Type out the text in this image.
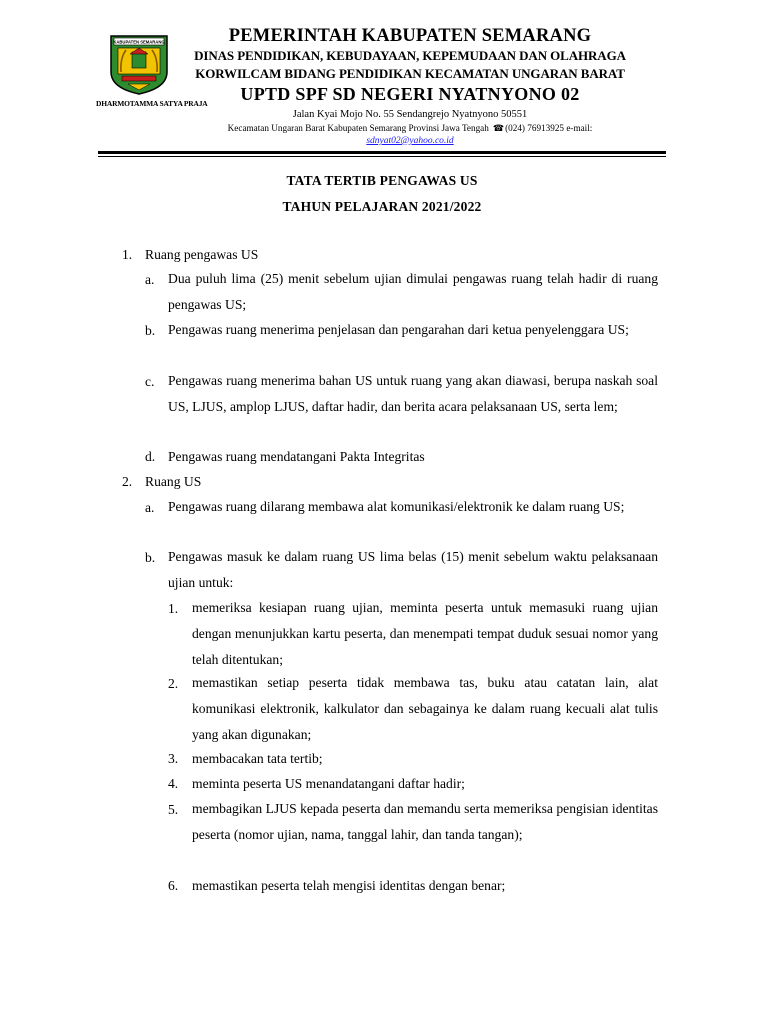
KABUPATEN SEMARANG
DHARMOTAMMA SATYA PRAJA
PEMERINTAH KABUPATEN SEMARANG
DINAS PENDIDIKAN, KEBUDAYAAN, KEPEMUDAAN DAN OLAHRAGA
KORWILCAM BIDANG PENDIDIKAN KECAMATAN UNGARAN BARAT
UPTD SPF SD NEGERI NYATNYONO 02
Jalan Kyai Mojo No. 55 Sendangrejo Nyatnyono 50551
Kecamatan Ungaran Barat Kabupaten Semarang Provinsi Jawa Tengah ☎(024) 76913925 e-mail:
sdnyat02@yahoo.co.id
TATA TERTIB PENGAWAS US
TAHUN PELAJARAN 2021/2022
1. Ruang pengawas US
a. Dua puluh lima (25) menit sebelum ujian dimulai pengawas ruang telah hadir di ruang pengawas US;
b. Pengawas ruang menerima penjelasan dan pengarahan dari ketua penyelenggara US;
c. Pengawas ruang menerima bahan US untuk ruang yang akan diawasi, berupa naskah soal US, LJUS, amplop LJUS, daftar hadir, dan berita acara pelaksanaan US, serta lem;
d. Pengawas ruang mendatangani Pakta Integritas
2. Ruang US
a. Pengawas ruang dilarang membawa alat komunikasi/elektronik ke dalam ruang US;
b. Pengawas masuk ke dalam ruang US lima belas (15) menit sebelum waktu pelaksanaan ujian untuk:
1. memeriksa kesiapan ruang ujian, meminta peserta untuk memasuki ruang ujian dengan menunjukkan kartu peserta, dan menempati tempat duduk sesuai nomor yang telah ditentukan;
2. memastikan setiap peserta tidak membawa tas, buku atau catatan lain, alat komunikasi elektronik, kalkulator dan sebagainya ke dalam ruang kecuali alat tulis yang akan digunakan;
3. membacakan tata tertib;
4. meminta peserta US menandatangani daftar hadir;
5. membagikan LJUS kepada peserta dan memandu serta memeriksa pengisian identitas peserta (nomor ujian, nama, tanggal lahir, dan tanda tangan);
6. memastikan peserta telah mengisi identitas dengan benar;
